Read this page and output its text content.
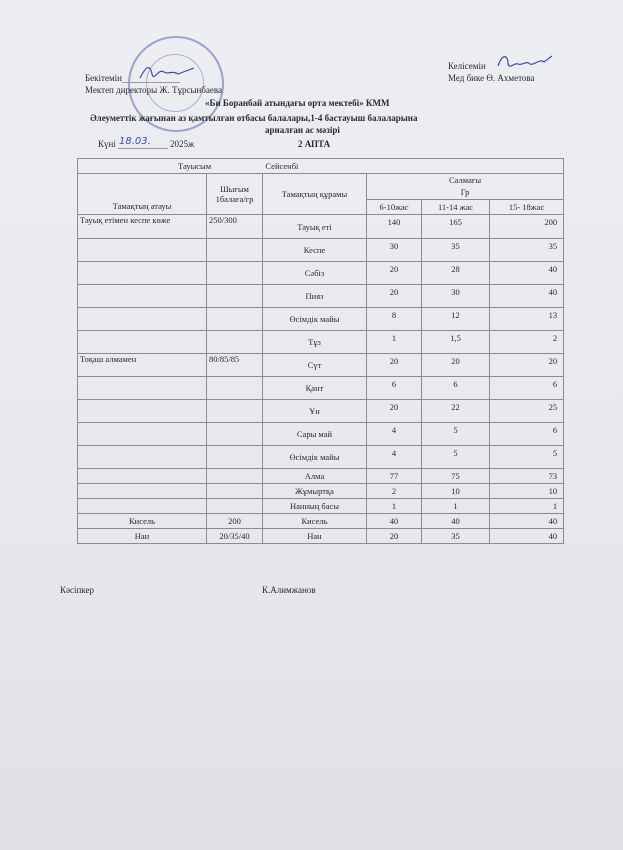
Бекітемін
Мектеп директоры Ж. Тұрсынбаева
Келісемін
Мед бике Ө. Ахметова
«Би Боранбай атындағы орта мектебі» КММ
Әлеуметтік жағынан аз қамтылған отбасы балалары,1-4 бастауыш балаларына
арналған ас мәзірі
Күні 18.03. 2025ж	2 АПТА
Тауысым Сейсенбі					
Тамақтың атауы	Шығым 1балаға/гр	Тамақтың құрамы	Салмағы
Гр		

			6-10жас	11-14 жас	15- 18жас
Тауық етімен кеспе көже	250/300	Тауық еті	140	165	200
		Кеспе	30	35	35
		Сәбіз	20	28	40
		Пияз	20	30	40
		Өсімдік майы	8	12	13
		Тұз	1	1,5	2
Тоқаш алмамен	80/85/85	Сүт	20	20	20
		Қант	6	6	6
		Ұн	20	22	25
		Сары май	4	5	6
		Өсімдік майы	4	5	5
		Алма	77	75	73
		Жұмыртқа	2	10	10
		Нанның басы	1	1	1
Кисель	200	Кисель	40	40	40
Нан	20/35/40	Нан	20	35	40
Кәсіпкер	К.Алимжанов
